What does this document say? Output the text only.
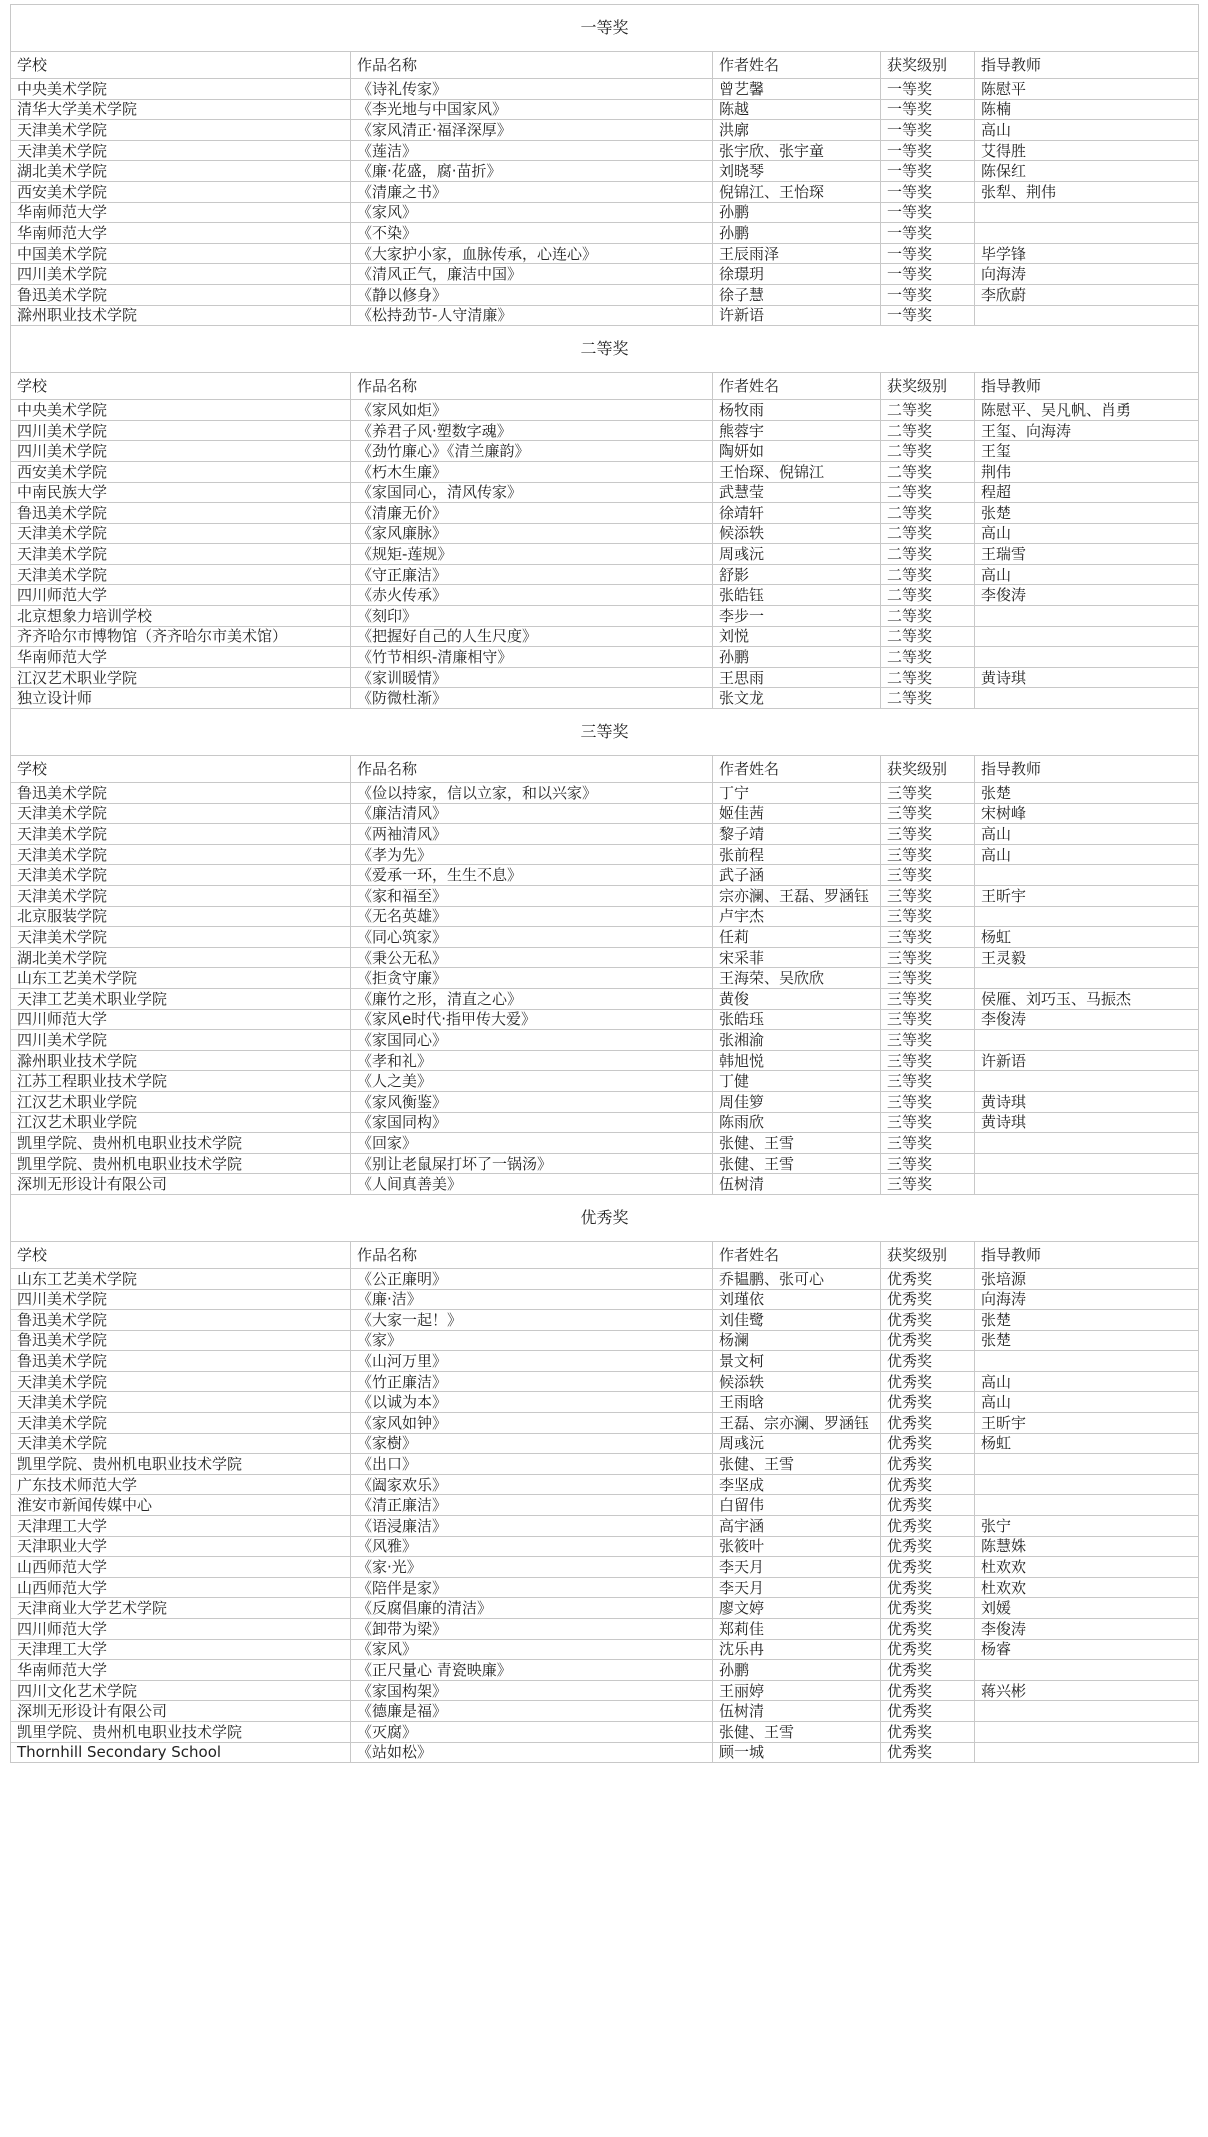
一等奖				
学校	作品名称	作者姓名	获奖级别	指导教师
中央美术学院	《诗礼传家》	曾艺馨	一等奖	陈慰平
清华大学美术学院	《李光地与中国家风》	陈越	一等奖	陈楠
天津美术学院	《家风清正·福泽深厚》	洪廓	一等奖	高山
天津美术学院	《莲洁》	张宇欣、张宇童	一等奖	艾得胜
湖北美术学院	《廉·花盛，腐·苗折》	刘晓琴	一等奖	陈保红
西安美术学院	《清廉之书》	倪锦江、王怡琛	一等奖	张犁、荆伟
华南师范大学	《家风》	孙鹏	一等奖	
华南师范大学	《不染》	孙鹏	一等奖	
中国美术学院	《大家护小家，血脉传承，心连心》	王辰雨泽	一等奖	毕学锋
四川美术学院	《清风正气，廉洁中国》	徐璟玥	一等奖	向海涛
鲁迅美术学院	《静以修身》	徐子慧	一等奖	李欣蔚
滁州职业技术学院	《松持劲节-人守清廉》	许新语	一等奖	
二等奖				
学校	作品名称	作者姓名	获奖级别	指导教师
中央美术学院	《家风如炬》	杨牧雨	二等奖	陈慰平、吴凡帆、肖勇
四川美术学院	《养君子风·塑数字魂》	熊蓉宇	二等奖	王玺、向海涛
四川美术学院	《劲竹廉心》《清兰廉韵》	陶妍如	二等奖	王玺
西安美术学院	《朽木生廉》	王怡琛、倪锦江	二等奖	荆伟
中南民族大学	《家国同心，清风传家》	武慧莹	二等奖	程超
鲁迅美术学院	《清廉无价》	徐靖轩	二等奖	张楚
天津美术学院	《家风廉脉》	候添轶	二等奖	高山
天津美术学院	《规矩-莲规》	周彧沅	二等奖	王瑞雪
天津美术学院	《守正廉洁》	舒影	二等奖	高山
四川师范大学	《赤火传承》	张皓钰	二等奖	李俊涛
北京想象力培训学校	《刻印》	李步一	二等奖	
齐齐哈尔市博物馆（齐齐哈尔市美术馆）	《把握好自己的人生尺度》	刘悦	二等奖	
华南师范大学	《竹节相织-清廉相守》	孙鹏	二等奖	
江汉艺术职业学院	《家训暖情》	王思雨	二等奖	黄诗琪
独立设计师	《防微杜渐》	张文龙	二等奖	
三等奖				
学校	作品名称	作者姓名	获奖级别	指导教师
鲁迅美术学院	《俭以持家，信以立家，和以兴家》	丁宁	三等奖	张楚
天津美术学院	《廉洁清风》	姬佳茜	三等奖	宋树峰
天津美术学院	《两袖清风》	黎子靖	三等奖	高山
天津美术学院	《孝为先》	张前程	三等奖	高山
天津美术学院	《爱承一环，生生不息》	武子涵	三等奖	
天津美术学院	《家和福至》	宗亦澜、王磊、罗涵钰	三等奖	王昕宇
北京服装学院	《无名英雄》	卢宇杰	三等奖	
天津美术学院	《同心筑家》	任莉	三等奖	杨虹
湖北美术学院	《秉公无私》	宋采菲	三等奖	王灵毅
山东工艺美术学院	《拒贪守廉》	王海荣、吴欣欣	三等奖	
天津工艺美术职业学院	《廉竹之形，清直之心》	黄俊	三等奖	侯雁、刘巧玉、马振杰
四川师范大学	《家风e时代·指甲传大爱》	张皓珏	三等奖	李俊涛
四川美术学院	《家国同心》	张湘渝	三等奖	
滁州职业技术学院	《孝和礼》	韩旭悦	三等奖	许新语
江苏工程职业技术学院	《人之美》	丁健	三等奖	
江汉艺术职业学院	《家风衡鉴》	周佳箩	三等奖	黄诗琪
江汉艺术职业学院	《家国同构》	陈雨欣	三等奖	黄诗琪
凯里学院、贵州机电职业技术学院	《回家》	张健、王雪	三等奖	
凯里学院、贵州机电职业技术学院	《别让老鼠屎打坏了一锅汤》	张健、王雪	三等奖	
深圳无形设计有限公司	《人间真善美》	伍树清	三等奖	
优秀奖				
学校	作品名称	作者姓名	获奖级别	指导教师
山东工艺美术学院	《公正廉明》	乔韫鹏、张可心	优秀奖	张培源
四川美术学院	《廉·洁》	刘瑾依	优秀奖	向海涛
鲁迅美术学院	《大家一起！》	刘佳鹭	优秀奖	张楚
鲁迅美术学院	《家》	杨澜	优秀奖	张楚
鲁迅美术学院	《山河万里》	景文柯	优秀奖	
天津美术学院	《竹正廉洁》	候添轶	优秀奖	高山
天津美术学院	《以诚为本》	王雨晗	优秀奖	高山
天津美术学院	《家风如钟》	王磊、宗亦澜、罗涵钰	优秀奖	王昕宇
天津美术学院	《家樹》	周彧沅	优秀奖	杨虹
凯里学院、贵州机电职业技术学院	《出口》	张健、王雪	优秀奖	
广东技术师范大学	《阖家欢乐》	李坚成	优秀奖	
淮安市新闻传媒中心	《清正廉洁》	白留伟	优秀奖	
天津理工大学	《语浸廉洁》	高宇涵	优秀奖	张宁
天津职业大学	《风雅》	张筱叶	优秀奖	陈慧姝
山西师范大学	《家·光》	李天月	优秀奖	杜欢欢
山西师范大学	《陪伴是家》	李天月	优秀奖	杜欢欢
天津商业大学艺术学院	《反腐倡廉的清洁》	廖文婷	优秀奖	刘媛
四川师范大学	《卸带为梁》	郑莉佳	优秀奖	李俊涛
天津理工大学	《家风》	沈乐冉	优秀奖	杨睿
华南师范大学	《正尺量心 青瓷映廉》	孙鹏	优秀奖	
四川文化艺术学院	《家国构架》	王丽婷	优秀奖	蒋兴彬
深圳无形设计有限公司	《德廉是福》	伍树清	优秀奖	
凯里学院、贵州机电职业技术学院	《灭腐》	张健、王雪	优秀奖	
Thornhill Secondary School	《站如松》	顾一城	优秀奖	
